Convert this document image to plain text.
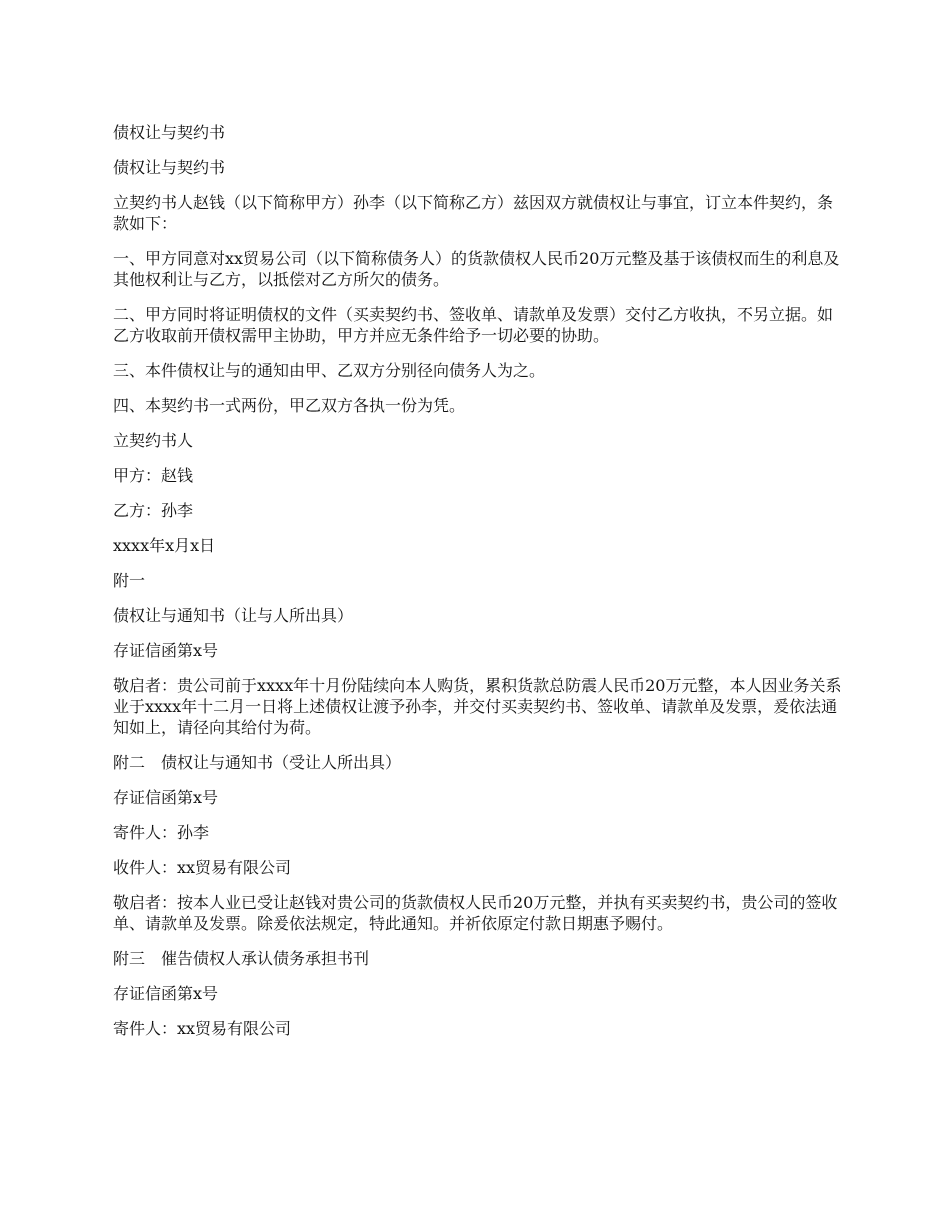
债权让与契约书

债权让与契约书

立契约书人赵钱（以下简称甲方）孙李（以下简称乙方）兹因双方就债权让与事宜，订立本件契约，条款如下：

一、甲方同意对xx贸易公司（以下简称债务人）的货款债权人民币20万元整及基于该债权而生的利息及其他权利让与乙方，以抵偿对乙方所欠的债务。

二、甲方同时将证明债权的文件（买卖契约书、签收单、请款单及发票）交付乙方收执，不另立据。如乙方收取前开债权需甲主协助，甲方并应无条件给予一切必要的协助。

三、本件债权让与的通知由甲、乙双方分别径向债务人为之。

四、本契约书一式两份，甲乙双方各执一份为凭。

立契约书人

甲方：赵钱

乙方：孙李

xxxx年x月x日

附一

债权让与通知书（让与人所出具）

存证信函第x号

敬启者：贵公司前于xxxx年十月份陆续向本人购货，累积货款总防震人民币20万元整，本人因业务关系业于xxxx年十二月一日将上述债权让渡予孙李，并交付买卖契约书、签收单、请款单及发票，爰依法通知如上，请径向其给付为荷。

附二　债权让与通知书（受让人所出具）

存证信函第x号

寄件人：孙李

收件人：xx贸易有限公司

敬启者：按本人业已受让赵钱对贵公司的货款债权人民币20万元整，并执有买卖契约书，贵公司的签收单、请款单及发票。除爰依法规定，特此通知。并祈依原定付款日期惠予赐付。

附三　催告债权人承认债务承担书刊

存证信函第x号

寄件人：xx贸易有限公司
